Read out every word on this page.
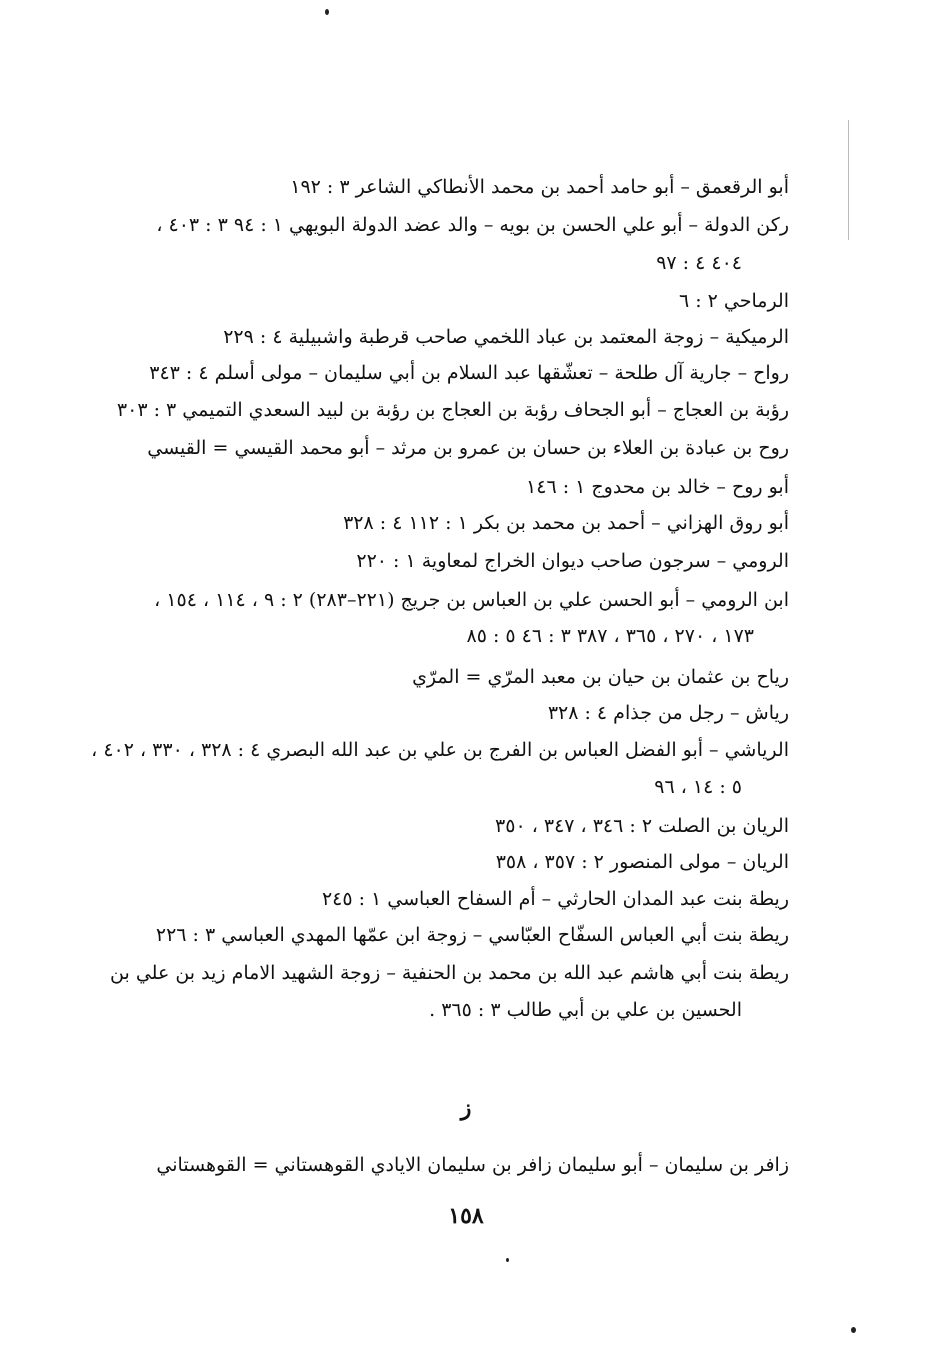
أبو الرقعمق – أبو حامد أحمد بن محمد الأنطاكي الشاعر ٣ : ١٩٢
ركن الدولة – أبو علي الحسن بن بويه – والد عضد الدولة البويهي ١ : ٩٤ ٣ : ٤٠٣ ،
٤٠٤ ٤ : ٩٧
الرماحي ٢ : ٦
الرميكية – زوجة المعتمد بن عباد اللخمي صاحب قرطبة واشبيلية ٤ : ٢٢٩
رواح – جارية آل طلحة – تعشّقها عبد السلام بن أبي سليمان – مولى أسلم ٤ : ٣٤٣
رؤبة بن العجاج – أبو الجحاف رؤبة بن العجاج بن رؤبة بن لبيد السعدي التميمي ٣ : ٣٠٣
روح بن عبادة بن العلاء بن حسان بن عمرو بن مرثد – أبو محمد القيسي = القيسي
أبو روح – خالد بن محدوج ١ : ١٤٦
أبو روق الهزاني – أحمد بن محمد بن بكر ١ : ١١٢ ٤ : ٣٢٨
الرومي – سرجون صاحب ديوان الخراج لمعاوية ١ : ٢٢٠
ابن الرومي – أبو الحسن علي بن العباس بن جريج (٢٢١–٢٨٣) ٢ : ٩ ، ١١٤ ، ١٥٤ ،
١٧٣ ، ٢٧٠ ، ٣٦٥ ، ٣٨٧ ٣ : ٤٦ ٥ : ٨٥
رياح بن عثمان بن حيان بن معبد المرّي = المرّي
رياش – رجل من جذام ٤ : ٣٢٨
الرياشي – أبو الفضل العباس بن الفرج بن علي بن عبد الله البصري ٤ : ٣٢٨ ، ٣٣٠ ، ٤٠٢ ،
٥ : ١٤ ، ٩٦
الريان بن الصلت ٢ : ٣٤٦ ، ٣٤٧ ، ٣٥٠
الريان – مولى المنصور ٢ : ٣٥٧ ، ٣٥٨
ريطة بنت عبد المدان الحارثي – أم السفاح العباسي ١ : ٢٤٥
ريطة بنت أبي العباس السفّاح العبّاسي – زوجة ابن عمّها المهدي العباسي ٣ : ٢٢٦
ريطة بنت أبي هاشم عبد الله بن محمد بن الحنفية – زوجة الشهيد الامام زيد بن علي بن
الحسين بن علي بن أبي طالب ٣ : ٣٦٥ .
ز
زافر بن سليمان – أبو سليمان زافر بن سليمان الايادي القوهستاني = القوهستاني
١٥٨
